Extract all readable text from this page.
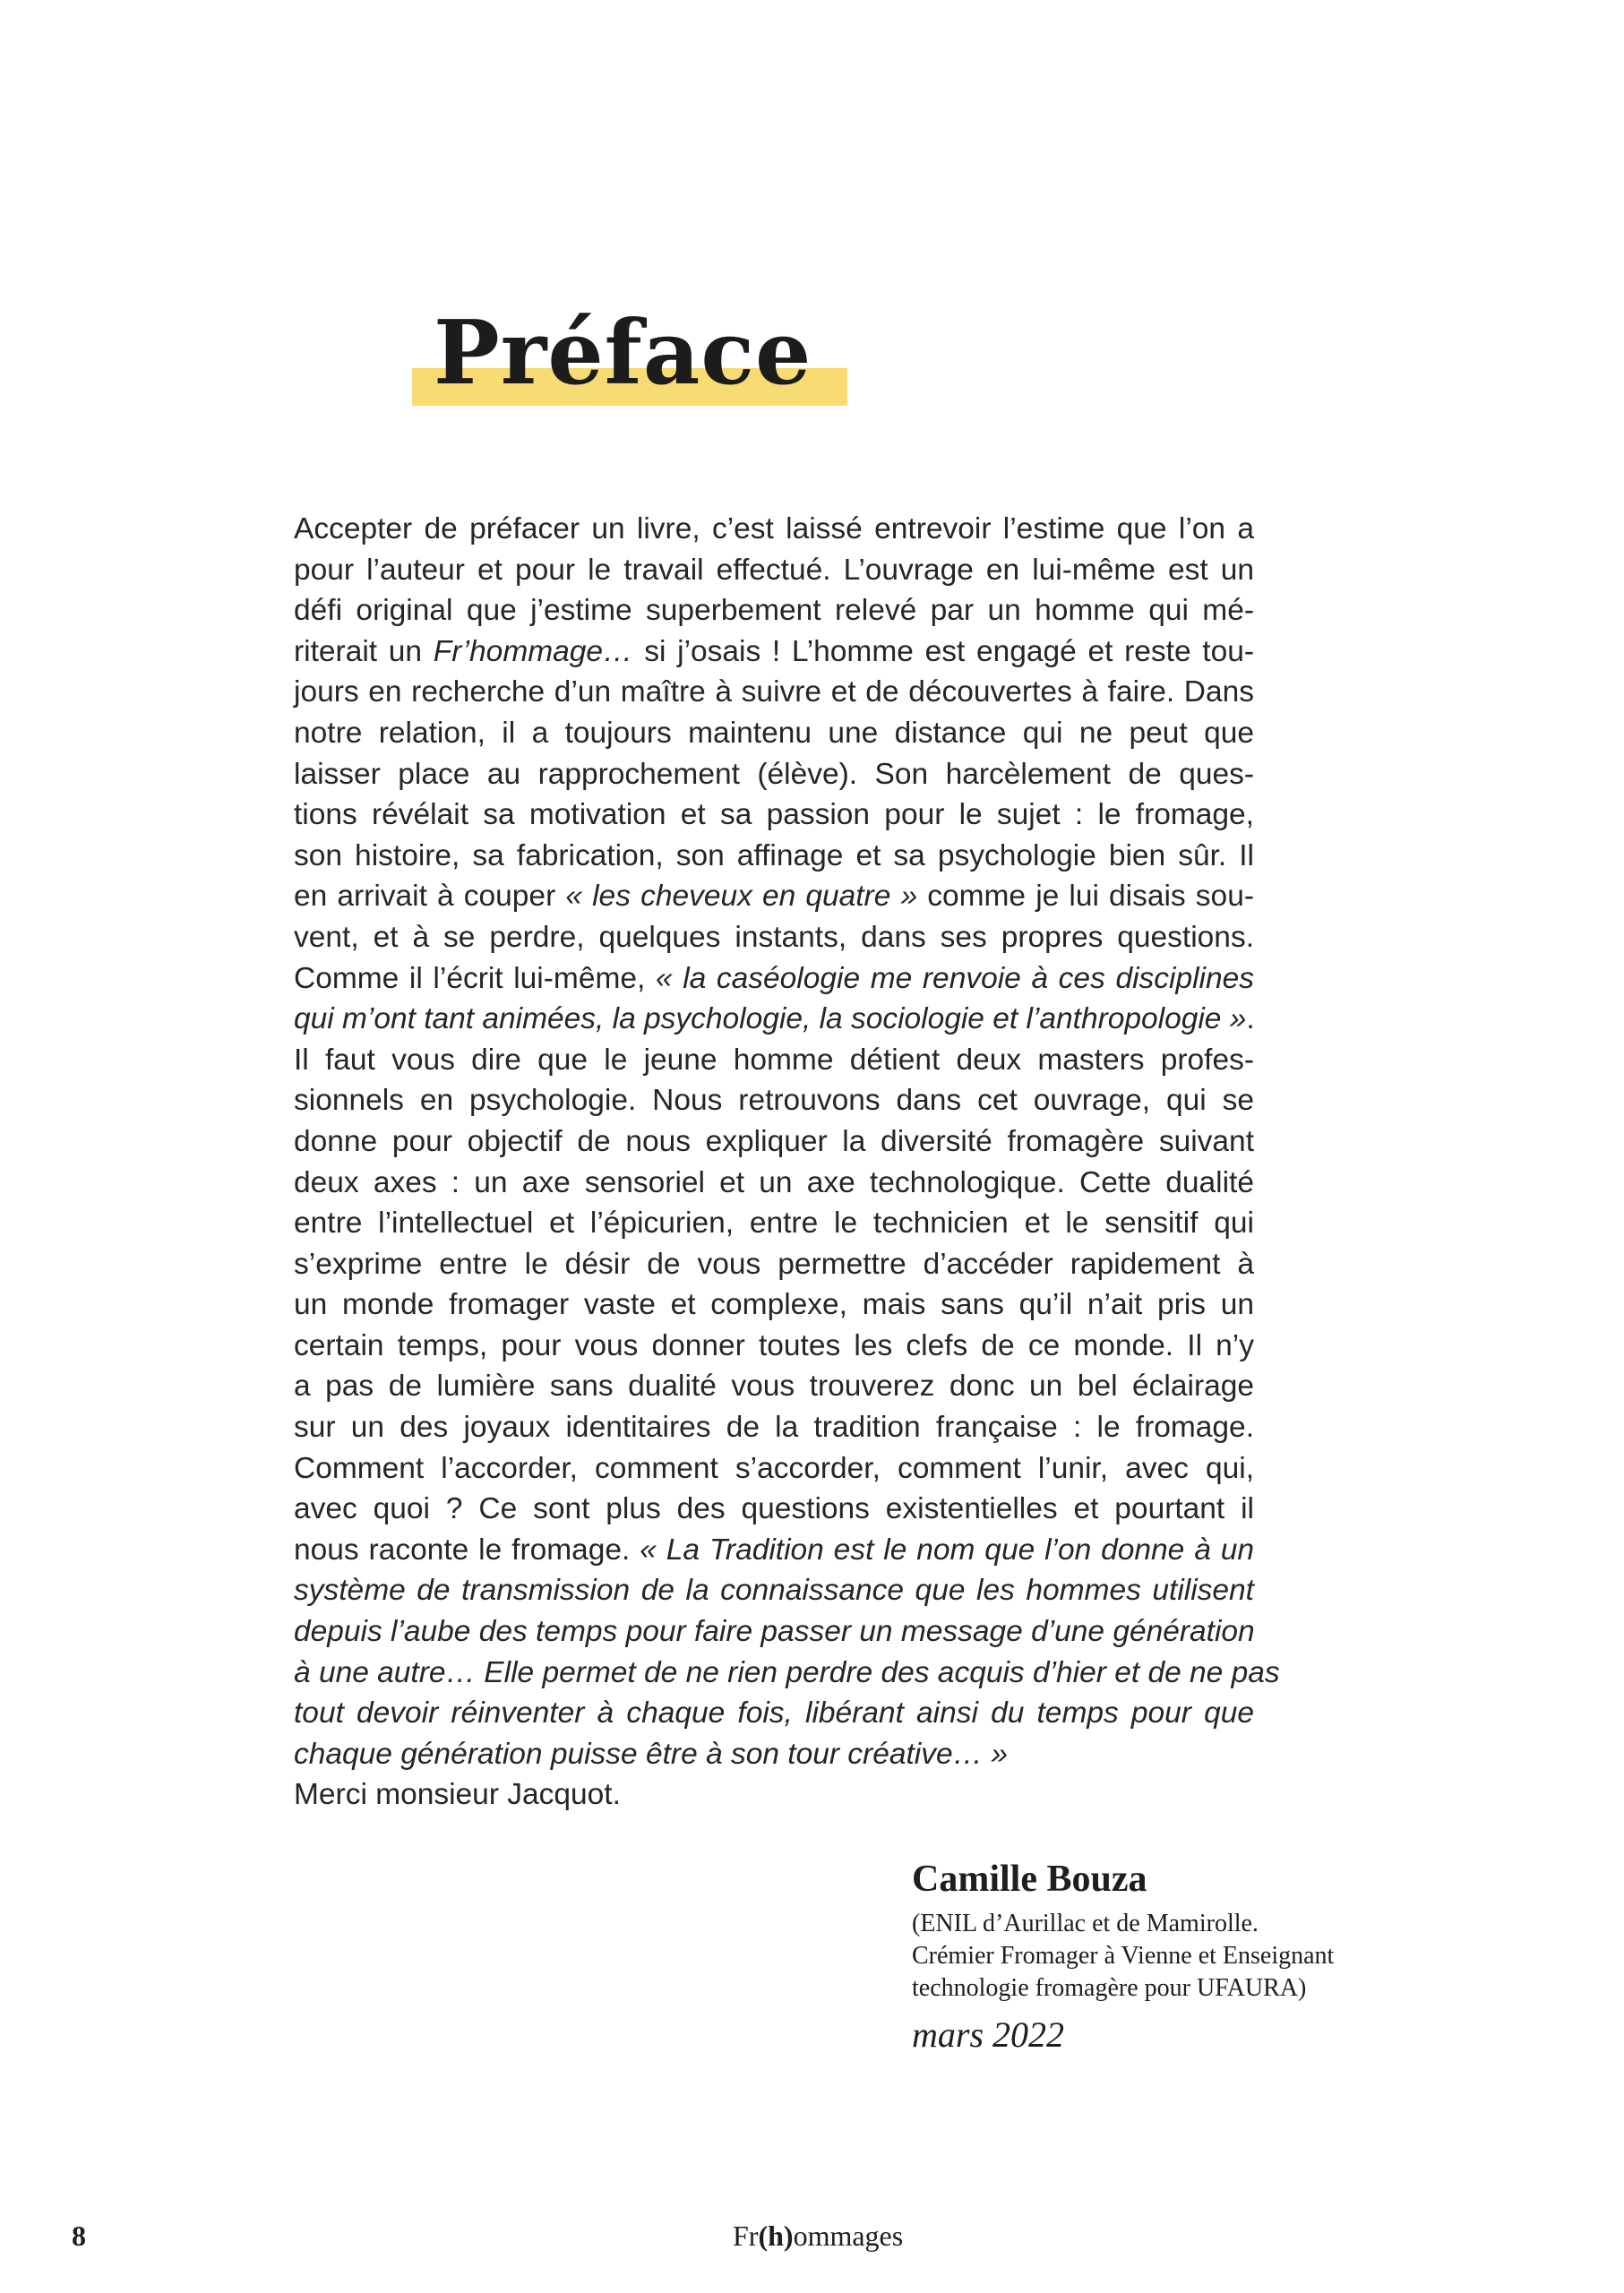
Préface
Accepter de préfacer un livre, c’est laissé entrevoir l’estime que l’on a
pour l’auteur et pour le travail effectué. L’ouvrage en lui-même est un
défi original que j’estime superbement relevé par un homme qui mé-
riterait un Fr’hommage… si j’osais ! L’homme est engagé et reste tou-
jours en recherche d’un maître à suivre et de découvertes à faire. Dans
notre relation, il a toujours maintenu une distance qui ne peut que
laisser place au rapprochement (élève). Son harcèlement de ques-
tions révélait sa motivation et sa passion pour le sujet : le fromage,
son histoire, sa fabrication, son affinage et sa psychologie bien sûr. Il
en arrivait à couper « les cheveux en quatre » comme je lui disais sou-
vent, et à se perdre, quelques instants, dans ses propres questions.
Comme il l’écrit lui-même, « la caséologie me renvoie à ces disciplines
qui m’ont tant animées, la psychologie, la sociologie et l’anthropologie ».
Il faut vous dire que le jeune homme détient deux masters profes-
sionnels en psychologie. Nous retrouvons dans cet ouvrage, qui se
donne pour objectif de nous expliquer la diversité fromagère suivant
deux axes : un axe sensoriel et un axe technologique. Cette dualité
entre l’intellectuel et l’épicurien, entre le technicien et le sensitif qui
s’exprime entre le désir de vous permettre d’accéder rapidement à
un monde fromager vaste et complexe, mais sans qu’il n’ait pris un
certain temps, pour vous donner toutes les clefs de ce monde. Il n’y
a pas de lumière sans dualité vous trouverez donc un bel éclairage
sur un des joyaux identitaires de la tradition française : le fromage.
Comment l’accorder, comment s’accorder, comment l’unir, avec qui,
avec quoi ? Ce sont plus des questions existentielles et pourtant il
nous raconte le fromage. « La Tradition est le nom que l’on donne à un
système de transmission de la connaissance que les hommes utilisent
depuis l’aube des temps pour faire passer un message d’une génération
à une autre… Elle permet de ne rien perdre des acquis d’hier et de ne pas
tout devoir réinventer à chaque fois, libérant ainsi du temps pour que
chaque génération puisse être à son tour créative… »
Merci monsieur Jacquot.
Camille Bouza
(ENIL d’Aurillac et de Mamirolle.
Crémier Fromager à Vienne et Enseignant
technologie fromagère pour UFAURA)
mars 2022
8	Fr(h)ommages
